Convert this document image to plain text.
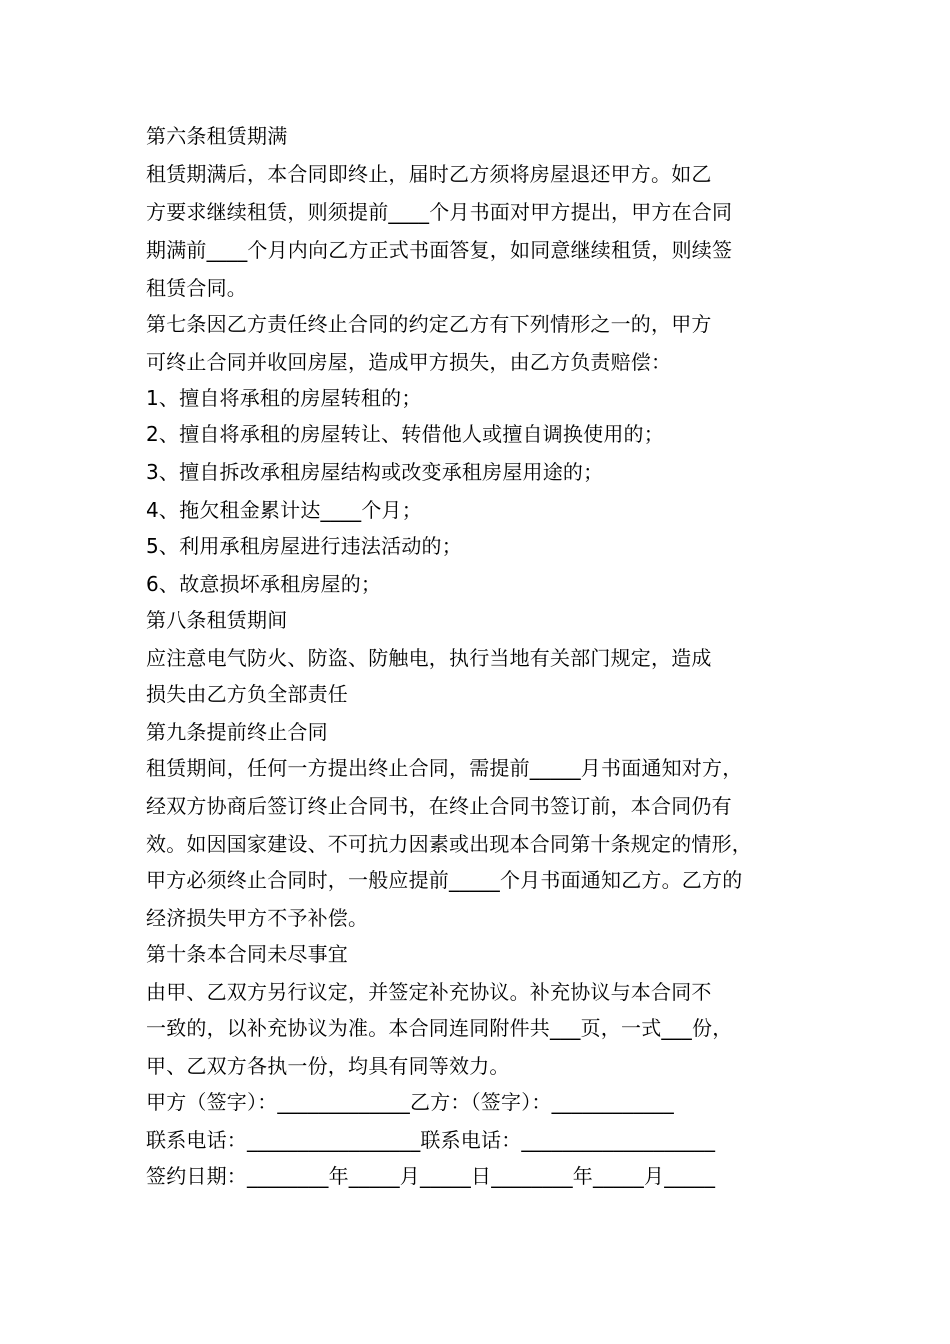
第六条租赁期满
租赁期满后，本合同即终止，届时乙方须将房屋退还甲方。如乙
方要求继续租赁，则须提前____个月书面对甲方提出，甲方在合同
期满前____个月内向乙方正式书面答复，如同意继续租赁，则续签
租赁合同。
第七条因乙方责任终止合同的约定乙方有下列情形之一的，甲方
可终止合同并收回房屋，造成甲方损失，由乙方负责赔偿：
1、擅自将承租的房屋转租的；
2、擅自将承租的房屋转让、转借他人或擅自调换使用的；
3、擅自拆改承租房屋结构或改变承租房屋用途的；
4、拖欠租金累计达____个月；
5、利用承租房屋进行违法活动的；
6、故意损坏承租房屋的；
第八条租赁期间
应注意电气防火、防盗、防触电，执行当地有关部门规定，造成
损失由乙方负全部责任
第九条提前终止合同
租赁期间，任何一方提出终止合同，需提前_____月书面通知对方，
经双方协商后签订终止合同书，在终止合同书签订前，本合同仍有
效。如因国家建设、不可抗力因素或出现本合同第十条规定的情形，
甲方必须终止合同时，一般应提前_____个月书面通知乙方。乙方的
经济损失甲方不予补偿。
第十条本合同未尽事宜
由甲、乙双方另行议定，并签定补充协议。补充协议与本合同不
一致的，以补充协议为准。本合同连同附件共___页，一式___份，
甲、乙双方各执一份，均具有同等效力。
甲方（签字）：_____________乙方：（签字）：____________
联系电话：_________________联系电话：___________________
签约日期：________年_____月_____日________年_____月_____
